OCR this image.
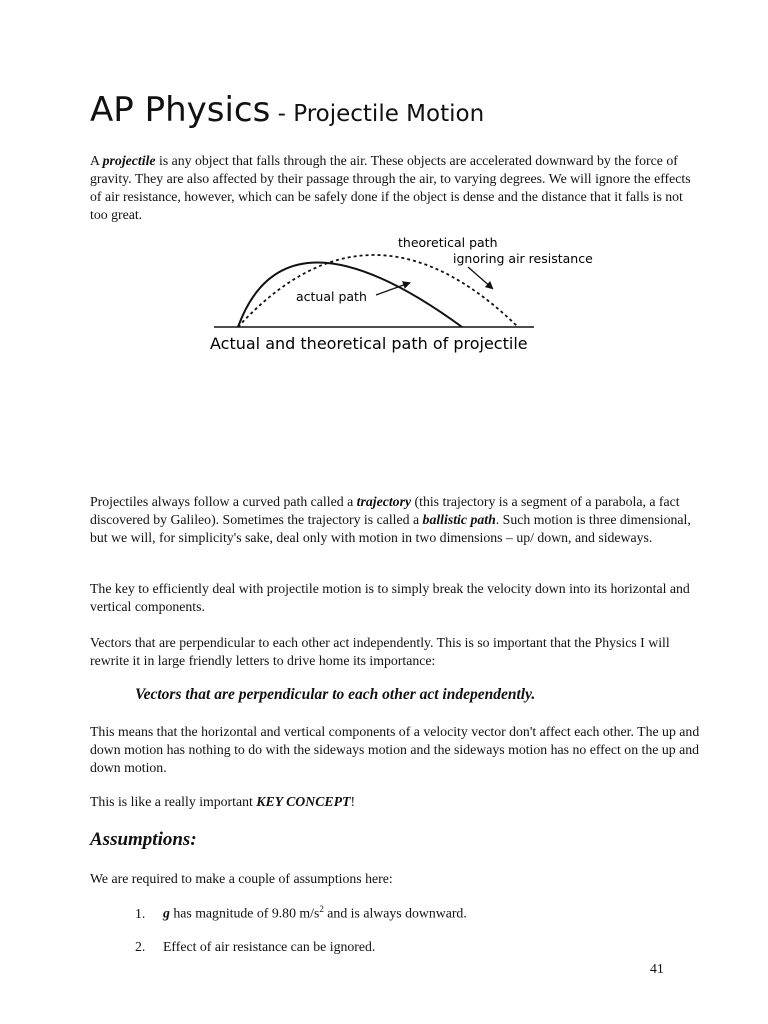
AP Physics - Projectile Motion

A projectile is any object that falls through the air. These objects are accelerated downward by the force of gravity. They are also affected by their passage through the air, to varying degrees. We will ignore the effects of air resistance, however, which can be safely done if the object is dense and the distance that it falls is not too great.

theoretical path
ignoring air resistance
actual path
Actual and theoretical path of projectile

Projectiles always follow a curved path called a trajectory (this trajectory is a segment of a parabola, a fact discovered by Galileo). Sometimes the trajectory is called a ballistic path. Such motion is three dimensional, but we will, for simplicity's sake, deal only with motion in two dimensions – up/ down, and sideways.

The key to efficiently deal with projectile motion is to simply break the velocity down into its horizontal and vertical components.

Vectors that are perpendicular to each other act independently. This is so important that the Physics I will rewrite it in large friendly letters to drive home its importance:

Vectors that are perpendicular to each other act independently.

This means that the horizontal and vertical components of a velocity vector don't affect each other. The up and down motion has nothing to do with the sideways motion and the sideways motion has no effect on the up and down motion.

This is like a really important KEY CONCEPT!

Assumptions:

We are required to make a couple of assumptions here:

1. g has magnitude of 9.80 $m/s^2$ and is always downward.
2. Effect of air resistance can be ignored.
41
